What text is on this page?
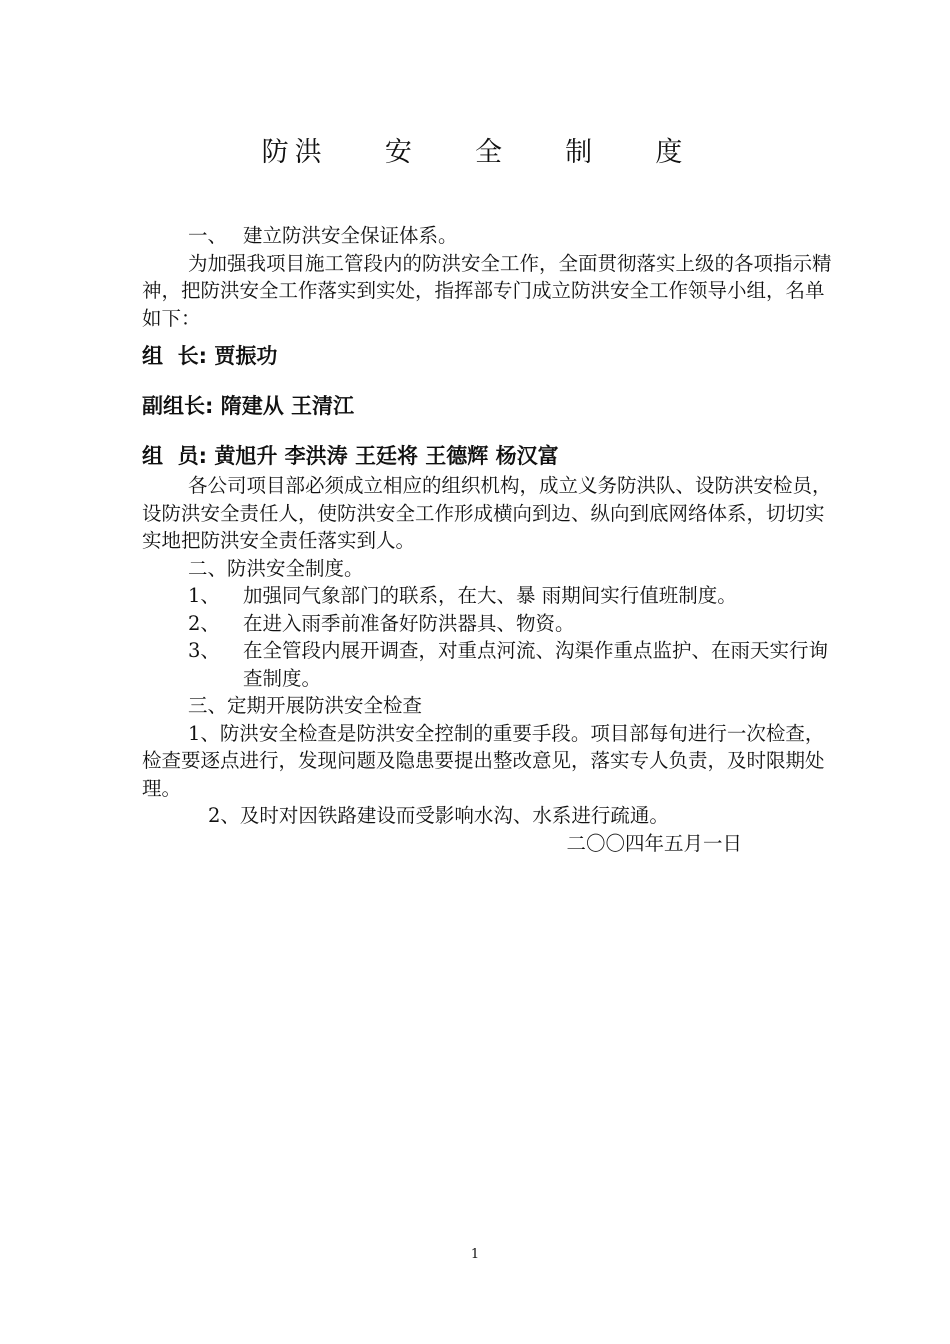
防洪  安  全  制  度

一、 建立防洪安全保证体系。

为加强我项目施工管段内的防洪安全工作，全面贯彻落实上级的各项指示精神，把防洪安全工作落实到实处，指挥部专门成立防洪安全工作领导小组，名单如下：

组  长: 贾振功

副组长: 隋建从 王清江

组  员: 黄旭升 李洪涛 王廷将 王德辉 杨汉富

各公司项目部必须成立相应的组织机构，成立义务防洪队、设防洪安检员，设防洪安全责任人，使防洪安全工作形成横向到边、纵向到底网络体系，切切实实地把防洪安全责任落实到人。

二、防洪安全制度。

1、 加强同气象部门的联系，在大、暴 雨期间实行值班制度。

2、 在进入雨季前准备好防洪器具、物资。

3、 在全管段内展开调查，对重点河流、沟渠作重点监护、在雨天实行询查制度。

三、定期开展防洪安全检查

1、防洪安全检查是防洪安全控制的重要手段。项目部每旬进行一次检查，检查要逐点进行，发现问题及隐患要提出整改意见，落实专人负责，及时限期处理。

2、及时对因铁路建设而受影响水沟、水系进行疏通。

二〇〇四年五月一日

1
